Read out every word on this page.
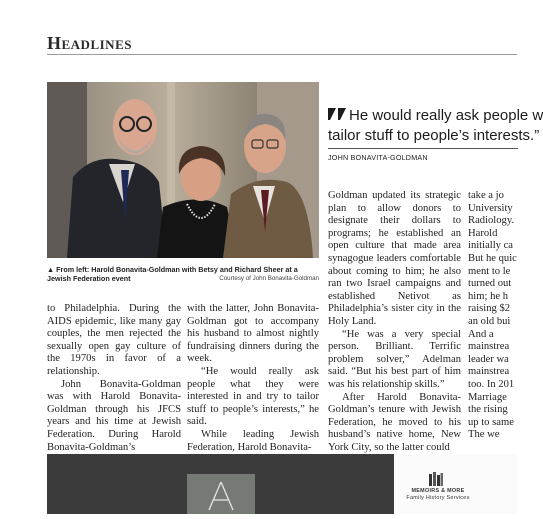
Headlines
▲ From left: Harold Bonavita-Goldman with Betsy and Richard Sheer at a Jewish Federation event	Courtesy of John Bonavita-Goldman
He would really ask people w
tailor stuff to people’s interests.”
JOHN BONAVITA-GOLDMAN

to Philadelphia. During the AIDS epidemic, like many gay couples, the men rejected the sexually open gay culture of the 1970s in favor of a relationship.

John Bonavita-Goldman was with Harold Bonavita-Goldman through his JFCS years and his time at Jewish Federation. During Harold Bonavita-Goldman’s

with the latter, John Bonavita-Goldman got to accompany his husband to almost nightly fundraising dinners during the week.

“He would really ask people what they were interested in and try to tailor stuff to people’s interests,” he said.

While leading Jewish Federation, Harold Bonavita-

Goldman updated its strategic plan to allow donors to designate their dollars to programs; he established an open culture that made area synagogue leaders comfortable about coming to him; he also ran two Israel campaigns and established Netivot as Philadelphia’s sister city in the Holy Land.

“He was a very special person. Brilliant. Terrific problem solver,” Adelman said. “But his best part of him was his relationship skills.”

After Harold Bonavita-Goldman’s tenure with Jewish Federation, he moved to his husband’s native home, New York City, so the latter could

take a jo
University
Radiology.
Harold
initially ca
But he quic
ment to le
turned out
him; he h
raising $2
an old bui
And a
mainstrea
leader wa
mainstrea
too. In 201
Marriage
the rising
up to same
The we
MEMOIRS & MORE
Family History Services
